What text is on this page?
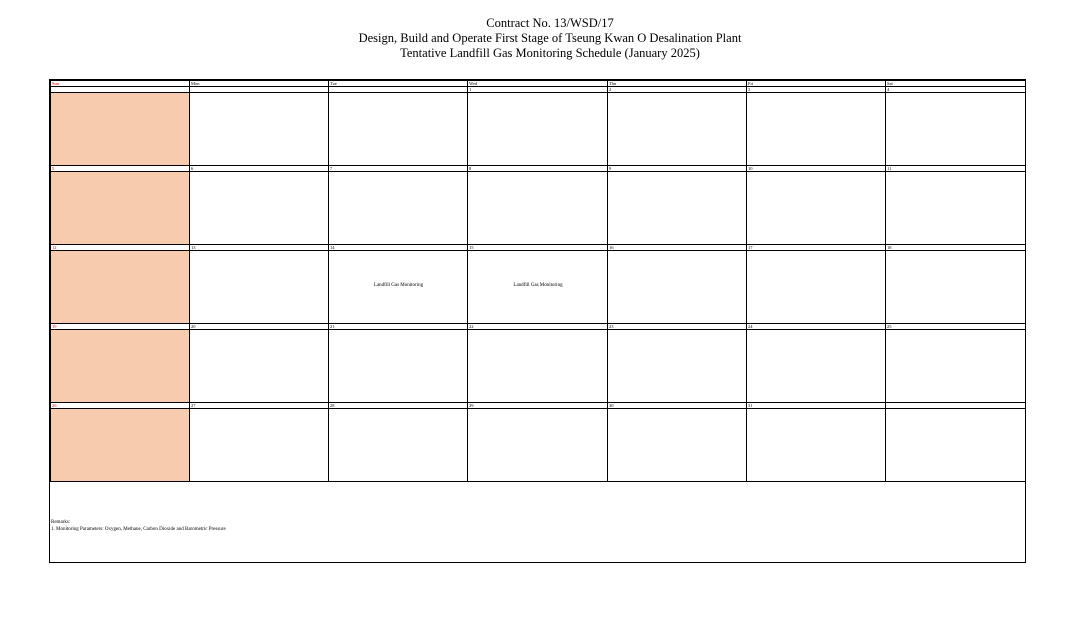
Contract No. 13/WSD/17
Design, Build and Operate First Stage of Tseung Kwan O Desalination Plant
Tentative Landfill Gas Monitoring Schedule (January 2025)
Sun	Mon	Tue	Wed	Thu	Fri	Sat
			1	2	3	4

5	6	7	8	9	10	11

12	13	14	15	16	17	18

		Landfill Gas Monitoring	Landfill Gas Monitoring			

19	20	21	22	23	24	25

26	27	28	29	30	31	

Remarks:
1. Monitoring Parameters: Oxygen, Methane, Carbon Dioxide and Barometric Pressure
